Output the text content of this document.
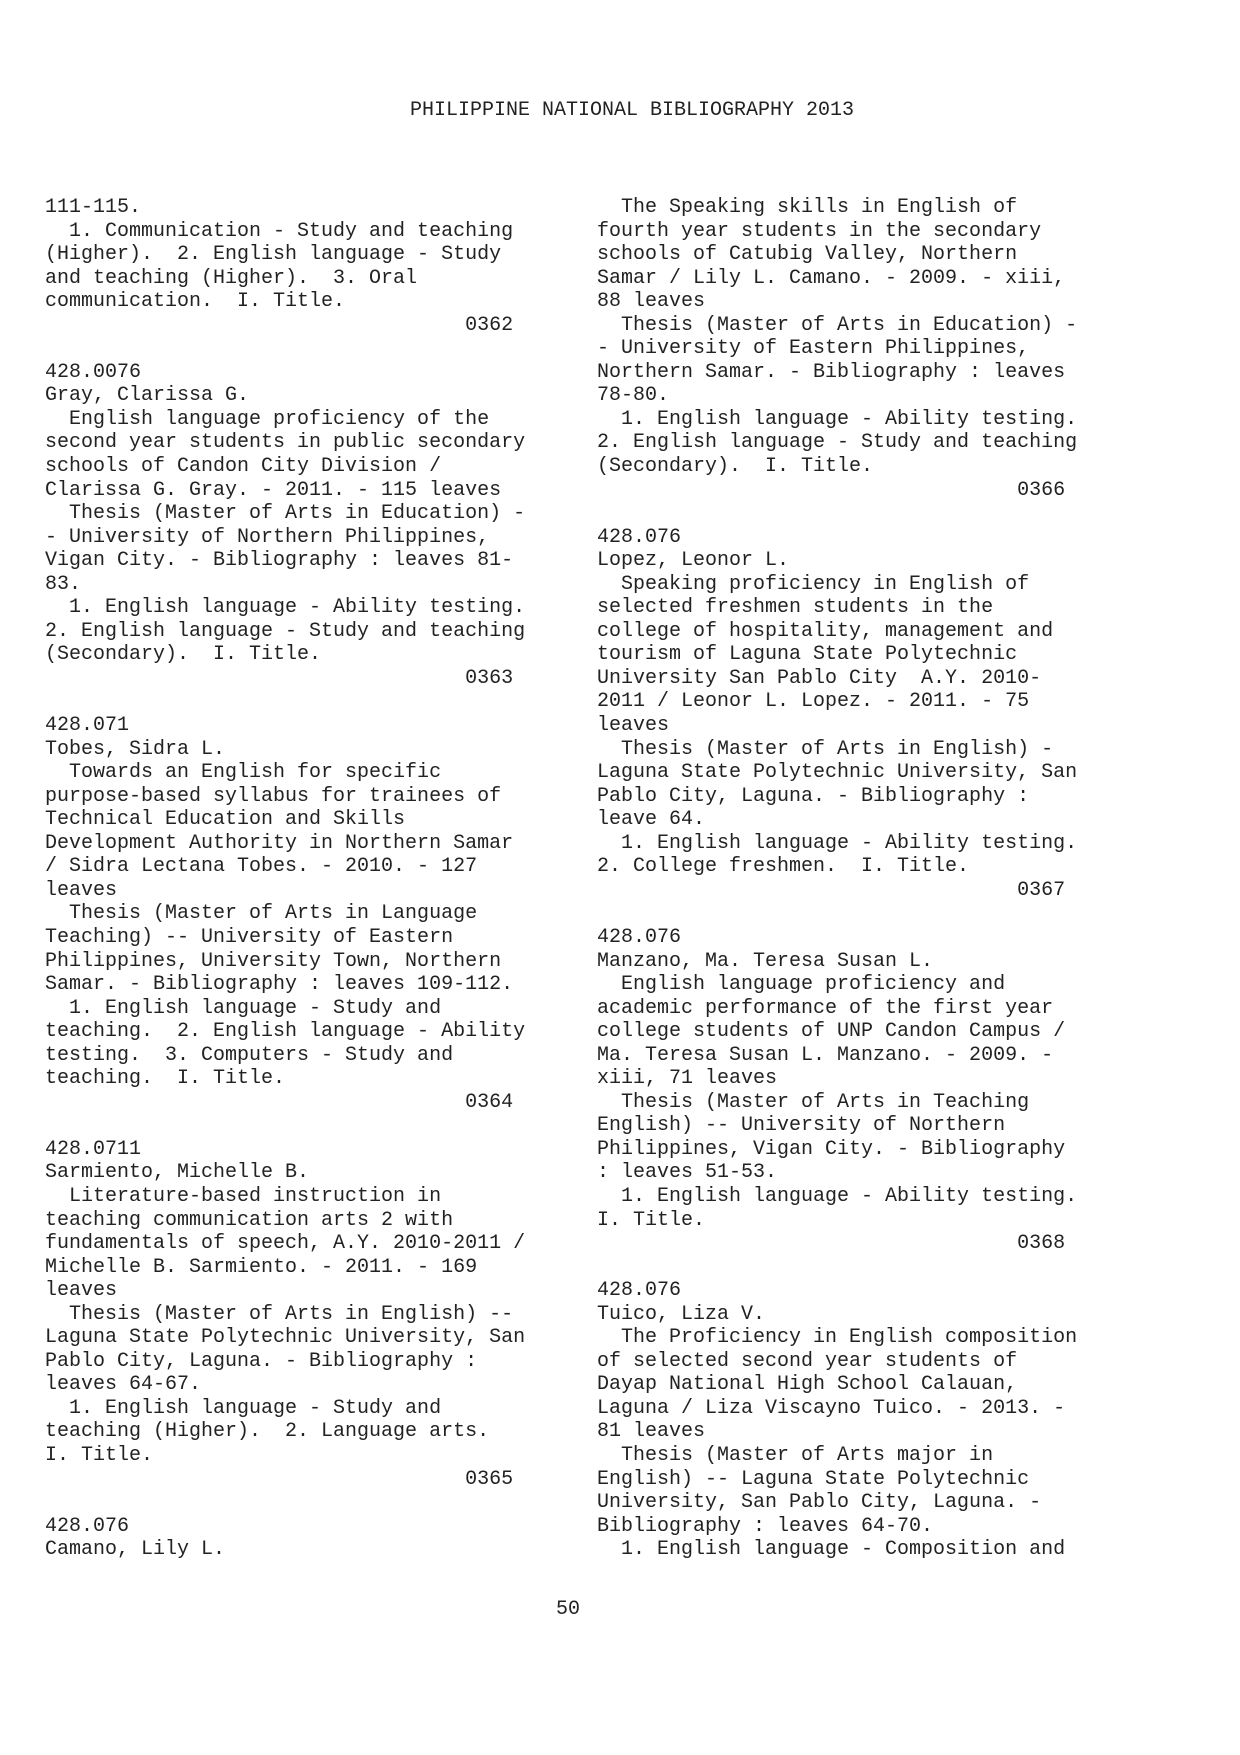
PHILIPPINE NATIONAL BIBLIOGRAPHY 2013

111-115.
1. Communication - Study and teaching
(Higher).  2. English language - Study
and teaching (Higher).  3. Oral
communication.  I. Title.
0362
428.0076
Gray, Clarissa G.
English language proficiency of the
second year students in public secondary
schools of Candon City Division /
Clarissa G. Gray. - 2011. - 115 leaves
Thesis (Master of Arts in Education) -
- University of Northern Philippines,
Vigan City. - Bibliography : leaves 81-
83.
1. English language - Ability testing.
2. English language - Study and teaching
(Secondary).  I. Title.
0363
428.071
Tobes, Sidra L.
Towards an English for specific
purpose-based syllabus for trainees of
Technical Education and Skills
Development Authority in Northern Samar
/ Sidra Lectana Tobes. - 2010. - 127
leaves
Thesis (Master of Arts in Language
Teaching) -- University of Eastern
Philippines, University Town, Northern
Samar. - Bibliography : leaves 109-112.
1. English language - Study and
teaching.  2. English language - Ability
testing.  3. Computers - Study and
teaching.  I. Title.
0364
428.0711
Sarmiento, Michelle B.
Literature-based instruction in
teaching communication arts 2 with
fundamentals of speech, A.Y. 2010-2011 /
Michelle B. Sarmiento. - 2011. - 169
leaves
Thesis (Master of Arts in English) --
Laguna State Polytechnic University, San
Pablo City, Laguna. - Bibliography :
leaves 64-67.
1. English language - Study and
teaching (Higher).  2. Language arts.
I. Title.
0365
428.076
Camano, Lily L.
The Speaking skills in English of
fourth year students in the secondary
schools of Catubig Valley, Northern
Samar / Lily L. Camano. - 2009. - xiii,
88 leaves
Thesis (Master of Arts in Education) -
- University of Eastern Philippines,
Northern Samar. - Bibliography : leaves
78-80.
1. English language - Ability testing.
2. English language - Study and teaching
(Secondary).  I. Title.
0366
428.076
Lopez, Leonor L.
Speaking proficiency in English of
selected freshmen students in the
college of hospitality, management and
tourism of Laguna State Polytechnic
University San Pablo City  A.Y. 2010-
2011 / Leonor L. Lopez. - 2011. - 75
leaves
Thesis (Master of Arts in English) -
Laguna State Polytechnic University, San
Pablo City, Laguna. - Bibliography :
leave 64.
1. English language - Ability testing.
2. College freshmen.  I. Title.
0367
428.076
Manzano, Ma. Teresa Susan L.
English language proficiency and
academic performance of the first year
college students of UNP Candon Campus /
Ma. Teresa Susan L. Manzano. - 2009. -
xiii, 71 leaves
Thesis (Master of Arts in Teaching
English) -- University of Northern
Philippines, Vigan City. - Bibliography
: leaves 51-53.
1. English language - Ability testing.
I. Title.
0368
428.076
Tuico, Liza V.
The Proficiency in English composition
of selected second year students of
Dayap National High School Calauan,
Laguna / Liza Viscayno Tuico. - 2013. -
81 leaves
Thesis (Master of Arts major in
English) -- Laguna State Polytechnic
University, San Pablo City, Laguna. -
Bibliography : leaves 64-70.
1. English language - Composition and
50
